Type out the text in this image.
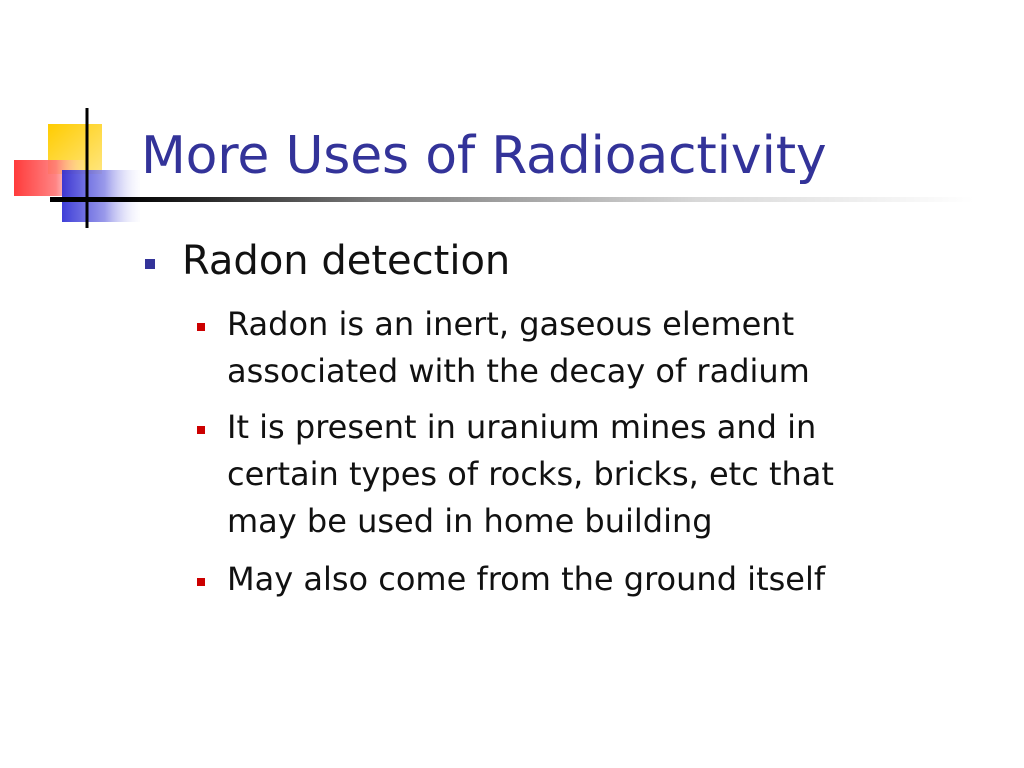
More Uses of Radioactivity
Radon detection
Radon is an inert, gaseous element
associated with the decay of radium
It is present in uranium mines and in
certain types of rocks, bricks, etc that
may be used in home building
May also come from the ground itself
